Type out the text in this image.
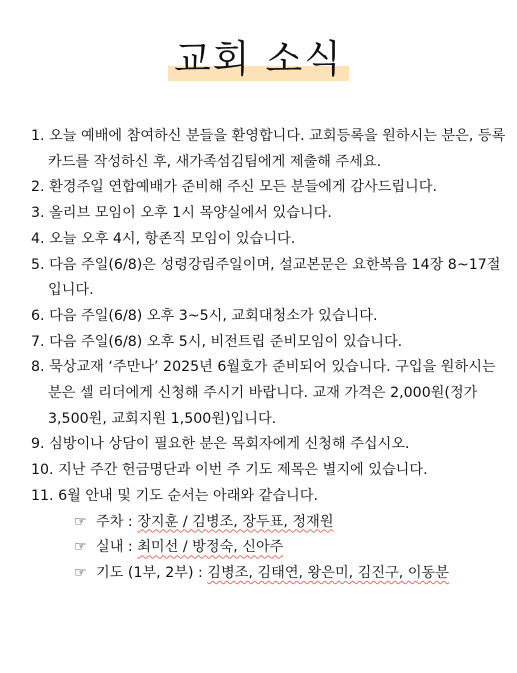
교회 소식
1. 오늘 예배에 참여하신 분들을 환영합니다. 교회등록을 원하시는 분은, 등록카드를 작성하신 후, 새가족섬김팀에게 제출해 주세요.
2. 환경주일 연합예배가 준비해 주신 모든 분들에게 감사드립니다.
3. 올리브 모임이 오후 1시 목양실에서 있습니다.
4. 오늘 오후 4시, 항존직 모임이 있습니다.
5. 다음 주일(6/8)은 성령강림주일이며, 설교본문은 요한복음 14장 8~17절입니다.
6. 다음 주일(6/8) 오후 3~5시, 교회대청소가 있습니다.
7. 다음 주일(6/8) 오후 5시, 비전트립 준비모임이 있습니다.
8. 묵상교재 ‘주만나’ 2025년 6월호가 준비되어 있습니다. 구입을 원하시는 분은 셀 리더에게 신청해 주시기 바랍니다. 교재 가격은 2,000원(정가 3,500원, 교회지원 1,500원)입니다.
9. 심방이나 상담이 필요한 분은 목회자에게 신청해 주십시오.
10. 지난 주간 헌금명단과 이번 주 기도 제목은 별지에 있습니다.
11. 6월 안내 및 기도 순서는 아래와 같습니다.
☞ 주차 : 장지훈 / 김병조, 장두표, 정재원
☞ 실내 : 최미선 / 방정숙, 신아주
☞ 기도 (1부, 2부) : 김병조, 김태연, 왕은미, 김진구, 이동분
